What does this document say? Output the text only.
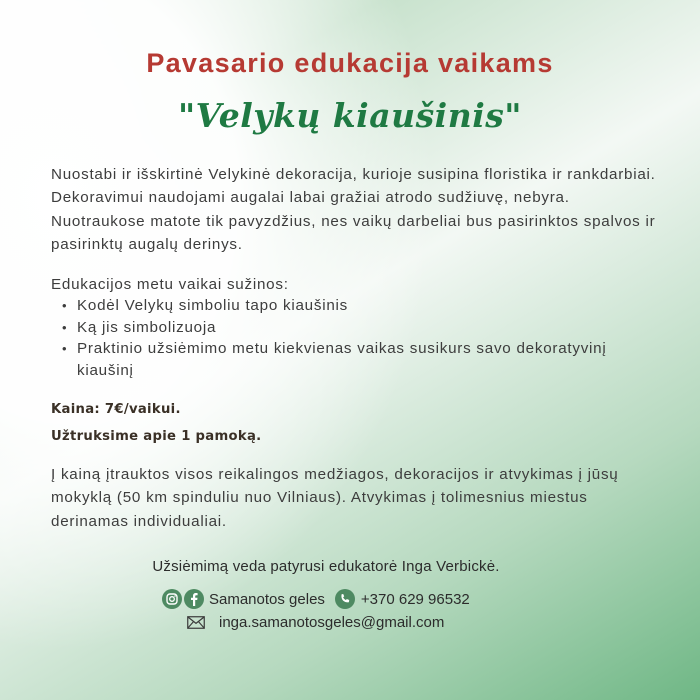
Pavasario edukacija vaikams
"Velykų kiaušinis"
Nuostabi ir išskirtinė Velykinė dekoracija, kurioje susipina floristika ir rankdarbiai. Dekoravimui naudojami augalai labai gražiai atrodo sudžiuvę, nebyra. Nuotraukose matote tik pavyzdžius, nes vaikų darbeliai bus pasirinktos spalvos ir pasirinktų augalų derinys.
Edukacijos metu vaikai sužinos:
• Kodėl Velykų simboliu tapo kiaušinis
• Ką jis simbolizuoja
• Praktinio užsiėmimo metu kiekvienas vaikas susikurs savo dekoratyvinį kiaušinį
Kaina: 7€/vaikui.
Užtruksime apie 1 pamoką.
Į kainą įtrauktos visos reikalingos medžiagos, dekoracijos ir atvykimas į jūsų mokyklą (50 km spinduliu nuo Vilniaus). Atvykimas į tolimesnius miestus derinamas individualiai.
Užsiėmimą veda patyrusi edukatorė Inga Verbickė.
Samanotos geles +370 629 96532
inga.samanotosgeles@gmail.com
